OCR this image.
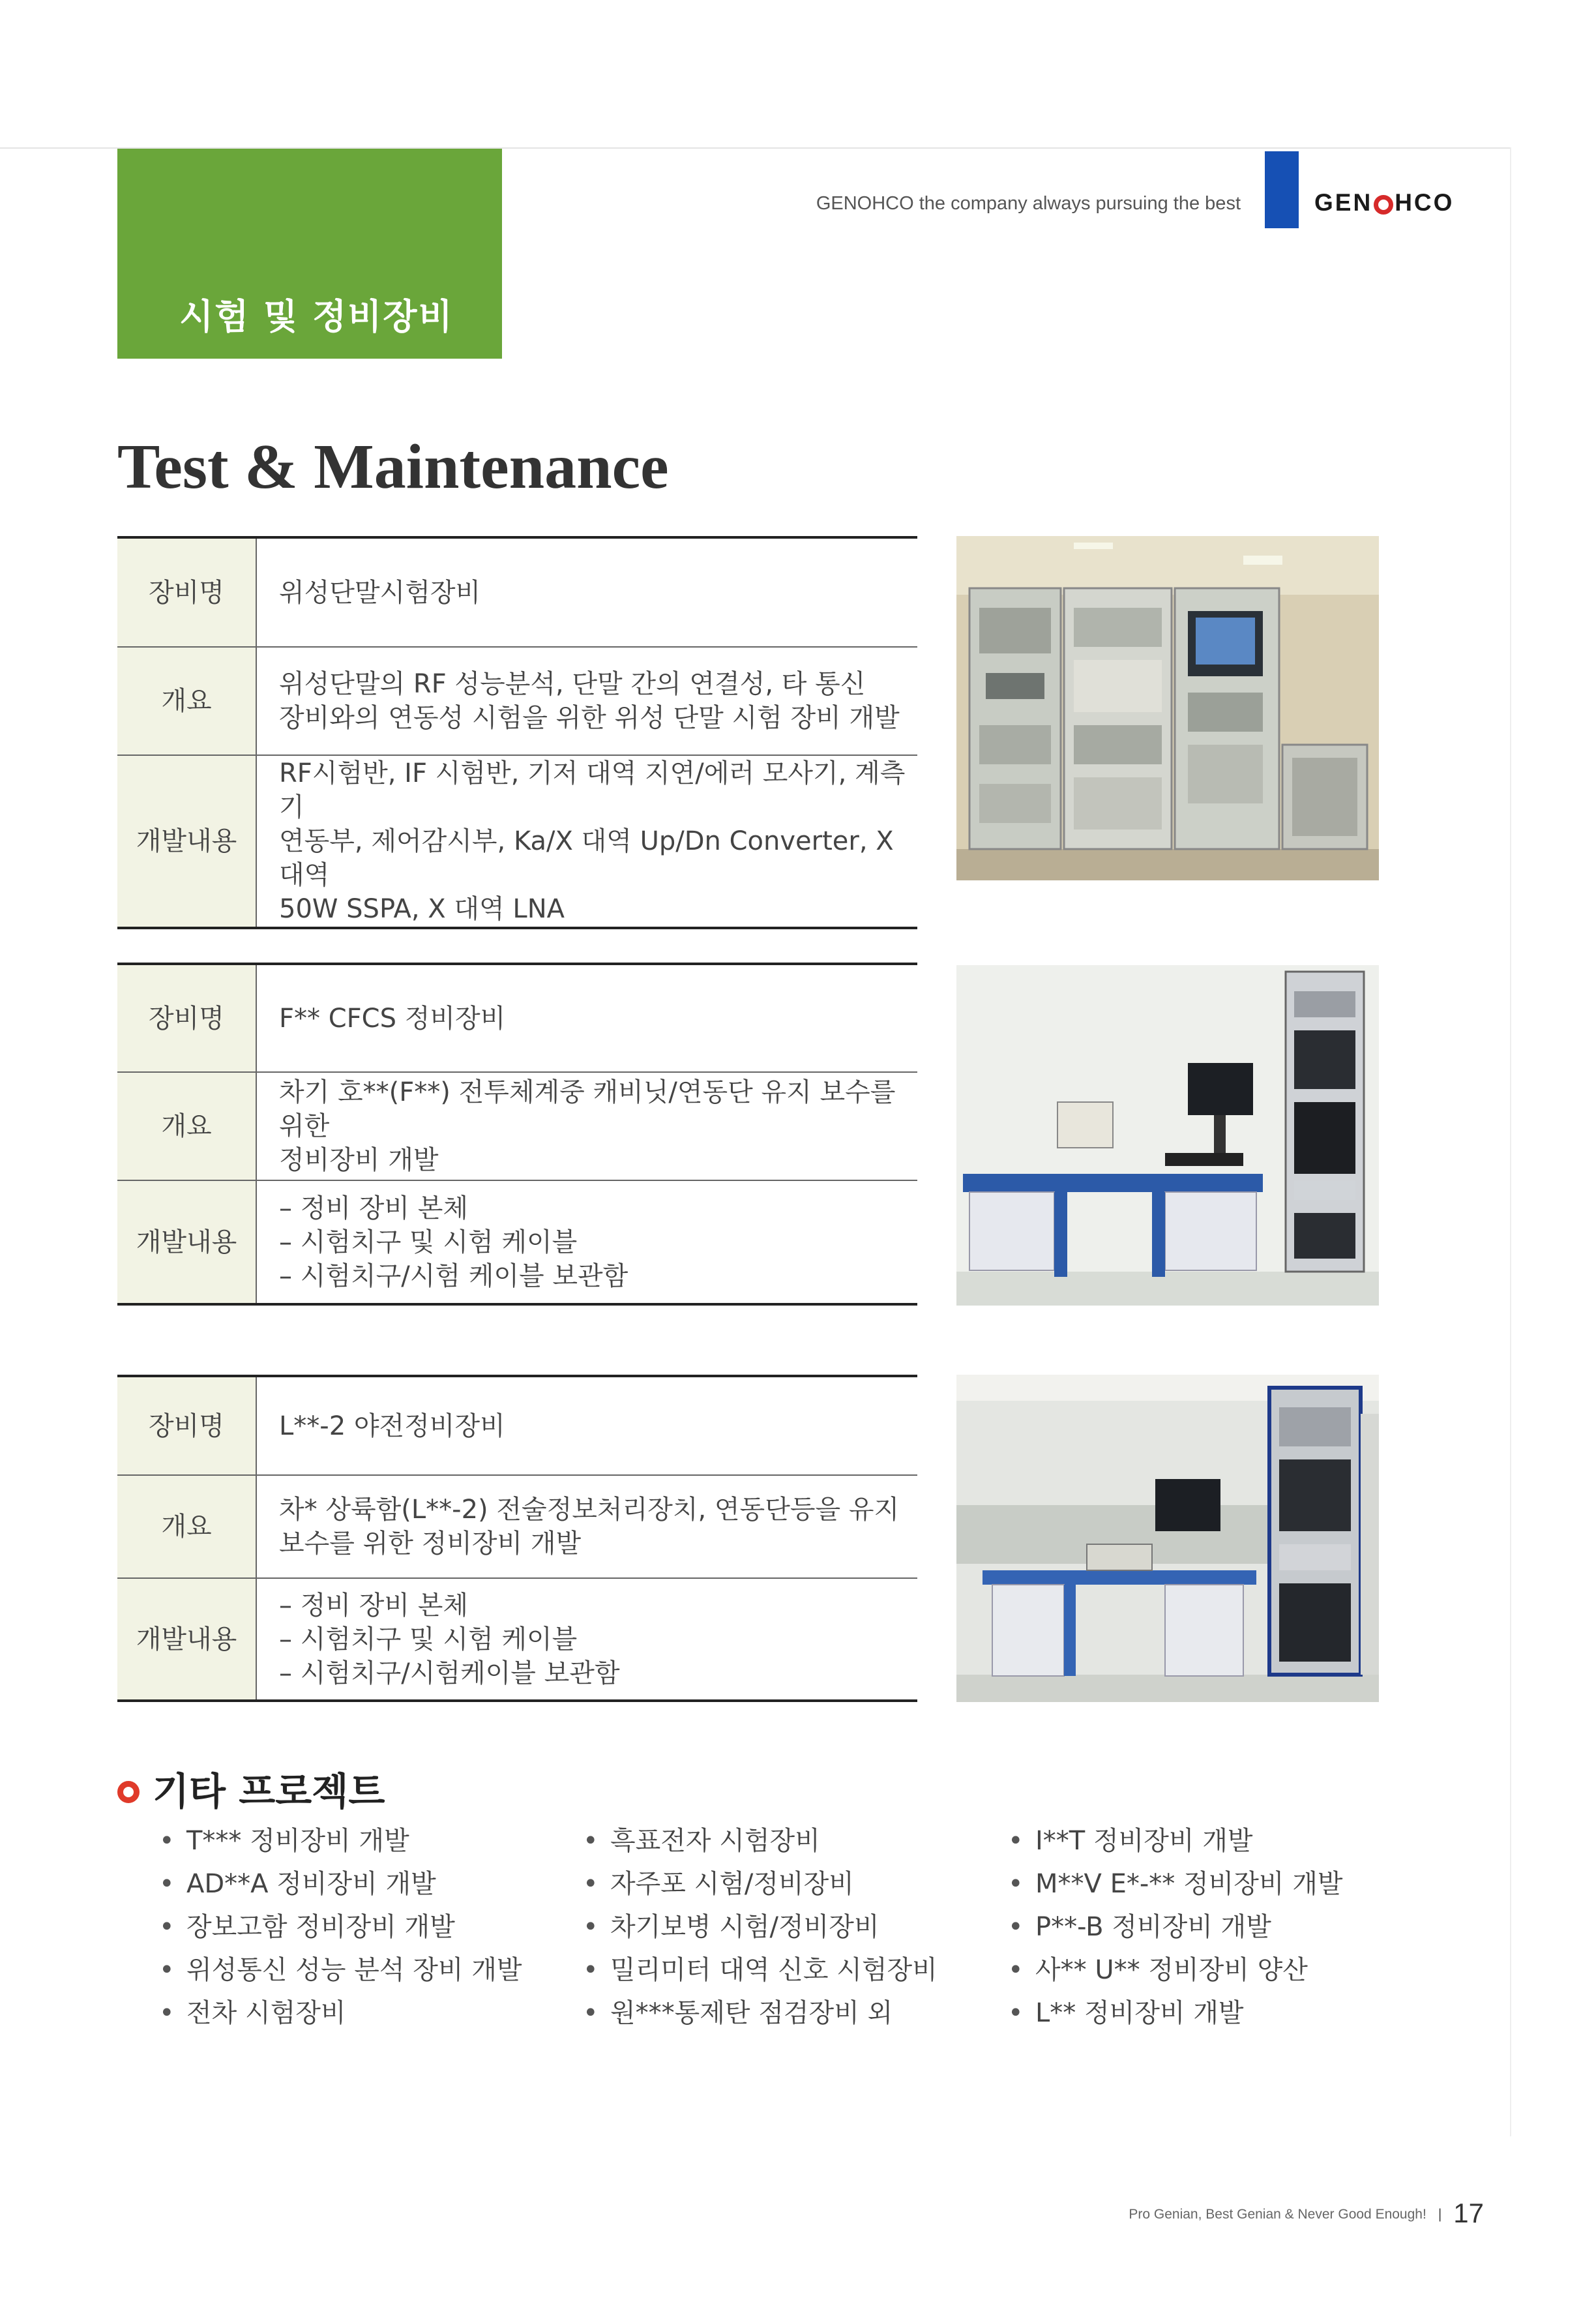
시험 및 정비장비
GENOHCO the company always pursuing the best	GEN HCO
Test & Maintenance
장비명	위성단말시험장비
개요	위성단말의 RF 성능분석, 단말 간의 연결성, 타 통신
장비와의 연동성 시험을 위한 위성 단말 시험 장비 개발

개발내용	RF시험반, IF 시험반, 기저 대역 지연/에러 모사기, 계측기
연동부, 제어감시부, Ka/X 대역 Up/Dn Converter, X 대역
50W SSPA, X 대역 LNA
장비명	F** CFCS 정비장비
개요	차기 호**(F**) 전투체계중 캐비닛/연동단 유지 보수를 위한
정비장비 개발

개발내용	– 정비 장비 본체
– 시험치구 및 시험 케이블
– 시험치구/시험 케이블 보관함
장비명	L**-2 야전정비장비
개요	차* 상륙함(L**-2) 전술정보처리장치, 연동단등을 유지
보수를 위한 정비장비 개발

개발내용	– 정비 장비 본체
– 시험치구 및 시험 케이블
– 시험치구/시험케이블 보관함
기타 프로젝트
• T*** 정비장비 개발
• AD**A 정비장비 개발
• 장보고함 정비장비 개발
• 위성통신 성능 분석 장비 개발
• 전차 시험장비
• 흑표전자 시험장비
• 자주포 시험/정비장비
• 차기보병 시험/정비장비
• 밀리미터 대역 신호 시험장비
• 원***통제탄 점검장비 외
• I**T 정비장비 개발
• M**V E*-** 정비장비 개발
• P**-B 정비장비 개발
• 사** U** 정비장비 양산
• L** 정비장비 개발
Pro Genian, Best Genian & Never Good Enough! | 17
